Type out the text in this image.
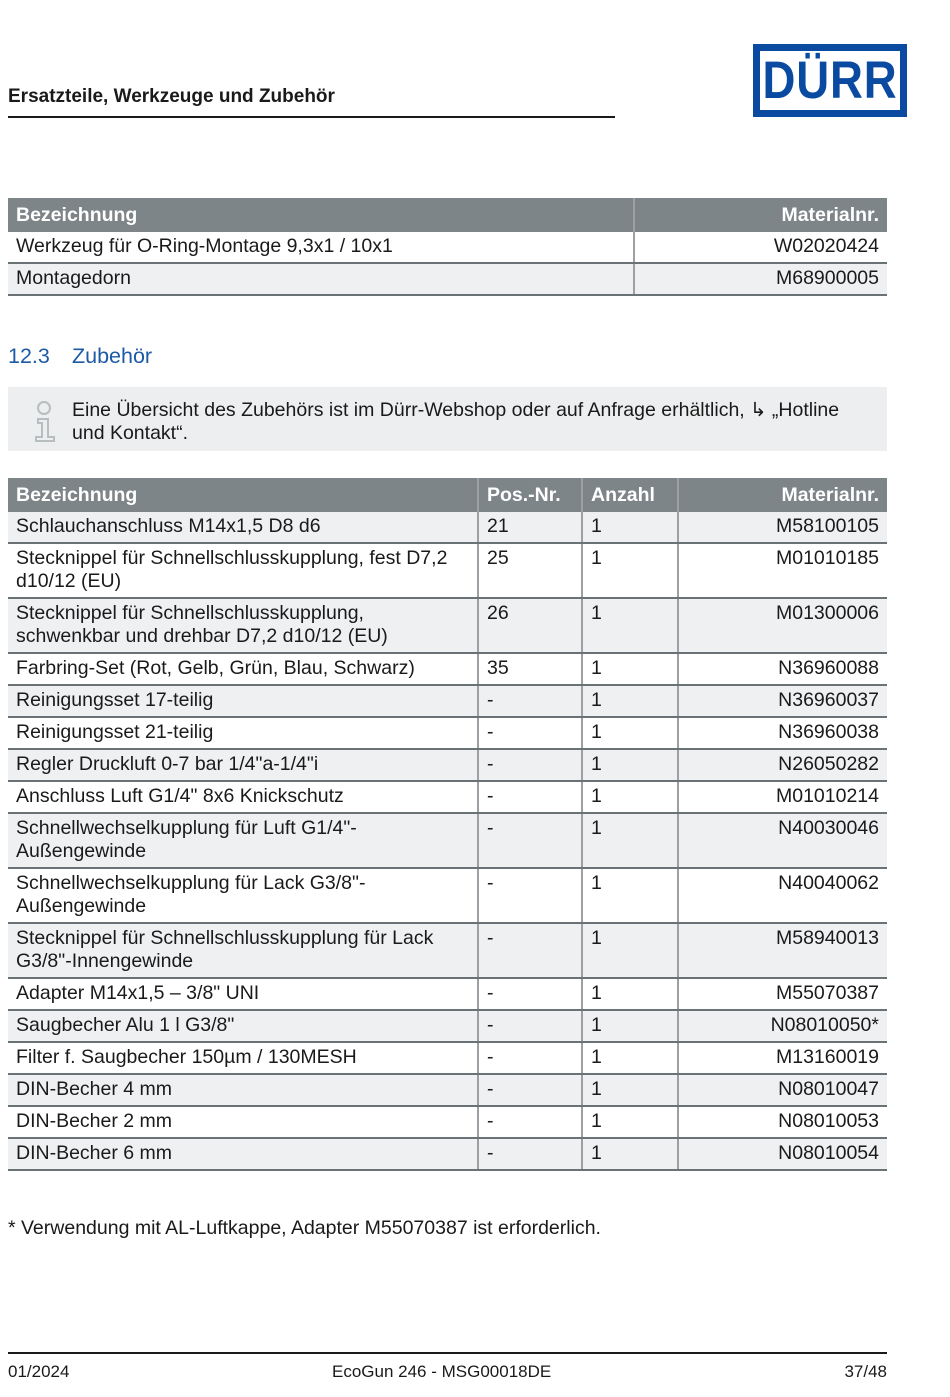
Ersatzteile, Werkzeuge und Zubehör	DÜRR
Bezeichnung	Materialnr.
Werkzeug für O-Ring-Montage 9,3x1 / 10x1	W02020424
Montagedorn	M68900005
12.3 Zubehör
Eine Übersicht des Zubehörs ist im Dürr-Webshop oder auf Anfrage erhältlich, ↳ „Hotline und Kontakt“.
Bezeichnung	Pos.-Nr.	Anzahl	Materialnr.
Schlauchanschluss M14x1,5 D8 d6	21	1	M58100105
Stecknippel für Schnellschlusskupplung, fest D7,2 d10/12 (EU)	25	1	M01010185
Stecknippel für Schnellschlusskupplung, schwenkbar und drehbar D7,2 d10/12 (EU)	26	1	M01300006
Farbring-Set (Rot, Gelb, Grün, Blau, Schwarz)	35	1	N36960088
Reinigungsset 17-teilig	-	1	N36960037
Reinigungsset 21-teilig	-	1	N36960038
Regler Druckluft 0-7 bar 1/4"a-1/4"i	-	1	N26050282
Anschluss Luft G1/4" 8x6 Knickschutz	-	1	M01010214
Schnellwechselkupplung für Luft G1/4"-Außengewinde	-	1	N40030046
Schnellwechselkupplung für Lack G3/8"-Außengewinde	-	1	N40040062
Stecknippel für Schnellschlusskupplung für Lack G3/8"-Innengewinde	-	1	M58940013
Adapter M14x1,5 – 3/8" UNI	-	1	M55070387
Saugbecher Alu 1 l G3/8"	-	1	N08010050*
Filter f. Saugbecher 150µm / 130MESH	-	1	M13160019
DIN-Becher 4 mm	-	1	N08010047
DIN-Becher 2 mm	-	1	N08010053
DIN-Becher 6 mm	-	1	N08010054
* Verwendung mit AL-Luftkappe, Adapter M55070387 ist erforderlich.
01/2024	EcoGun 246 - MSG00018DE	37/48
